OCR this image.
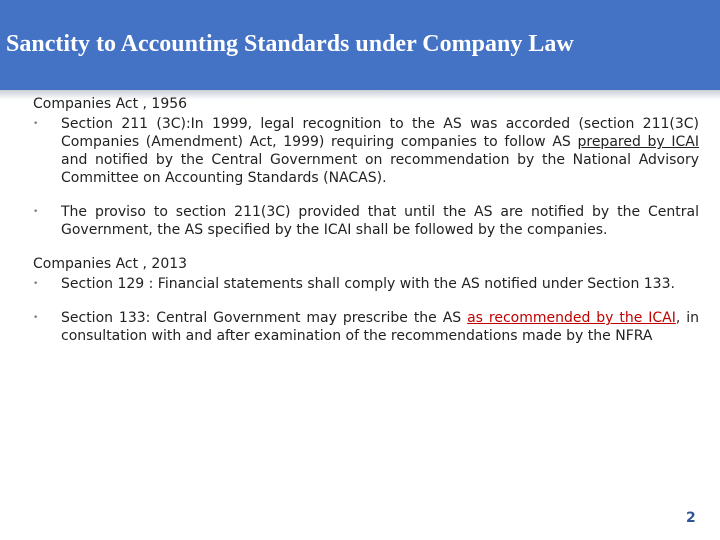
Sanctity to Accounting Standards under Company Law
Companies Act , 1956
• Section 211 (3C):In 1999, legal recognition to the AS was accorded (section 211(3C) Companies (Amendment) Act, 1999) requiring companies to follow AS prepared by ICAI and notified by the Central Government on recommendation by the National Advisory Committee on Accounting Standards (NACAS).
• The proviso to section 211(3C) provided that until the AS are notified by the Central Government, the AS specified by the ICAI shall be followed by the companies.
Companies Act , 2013
• Section 129 : Financial statements shall comply with the AS notified under Section 133.
• Section 133: Central Government may prescribe the AS as recommended by the ICAI, in consultation with and after examination of the recommendations made by the NFRA
2
